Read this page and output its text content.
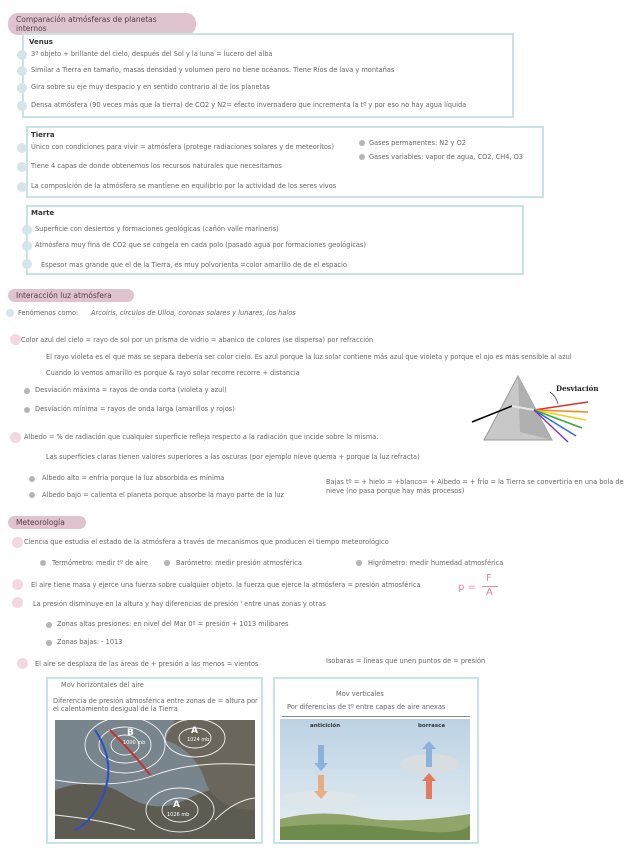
Comparación atmósferas de planetas internos
Venus
3º objeto + brillante del cielo, después del Sol y la luna = lucero del alba
Similar a Tierra en tamaño, masas densidad y volumen pero no tiene océanos. Tiene Ríos de lava y montañas
Gira sobre su eje muy despacio y en sentido contrario al de los planetas
Densa atmósfera (90 veces más que la tierra) de CO2 y N2= efecto invernadero que incrementa la tº y por eso no hay agua líquida
Tierra
Único con condiciones para vivir = atmósfera (protege radiaciones solares y de meteoritos)
Tiene 4 capas de donde obtenemos los recursos naturales que necesitamos
La composición de la atmósfera se mantiene en equilibrio por la actividad de los seres vivos
Gases permanentes: N2 y O2
Gases variables: vapor de agua, CO2, CH4, O3
Marte
Superficie con desiertos y formaciones geológicas (cañón valle marineris)
Atmósfera muy fina de CO2 que se congela en cada polo (pasado agua por formaciones geológicas)
Espesor mas grande que el de la Tierra, es muy polvorienta =color amarillo de de el espacio
Interacción luz atmósfera
Fenómenos como: Arcoíris, círculos de Ulloa, coronas solares y lunares, los halos
Color azul del cielo = rayo de sol por un prisma de vidrio = abanico de colores (se dispersa) por refracción
El rayo violeta es el que más se separa debería ser color cielo. Es azul porque la luz solar contiene más azul que violeta y porque el ojo es más sensible al azul
Cuando lo vemos amarillo es porque & rayo solar recorre recorre + distancia
Desviación máxima = rayos de onda corta (violeta y azul)
Desviación mínima = rayos de onda larga (amarillos y rojos)
Desviación
Albedo = % de radiación que cualquier superficie refleja respecto a la radiación que incide sobre la misma.
Las superficies claras tienen valores superiores a las oscuras (por ejemplo nieve quema + porque la luz refracta)
Albedo alto = enfría porque la luz absorbida es mínima
Albedo bajo = calienta el planeta porque absorbe la mayo parte de la luz
Bajas tº = + hielo = +blanco= + Albedo = + frío = la Tierra se convertiría en una bola de nieve (no pasa porque hay más procesos)
Meteorología
Ciencia que estudia el estado de la atmósfera a través de mecanismos que producen el tiempo meteorológico
Termómetro: medir tº de aire	Barómetro: medir presión atmosférica	Higrómetro: medir humedad atmosférica
El aire tiene masa y ejerce una fuerza sobre cualquier objeto. la fuerza que ejerce la atmósfera = presión atmosférica	p =
F
A
La presión disminuye en la altura y hay diferencias de presión ' entre unas zonas y otras
Zonas altas presiones: en nivel del Mar 0º = presión + 1013 milibares
Zonas bajas: - 1013
El aire se desplaza de las áreas de + presión a las menos = vientos	Isobaras = líneas que unen puntos de = presión
Mov horizontales del aire
Diferencia de presión atmosférica entre zonas de = altura por el calentamiento desigual de la Tierra
B
1000 mb
A
1024 mb
A
1026 mb
Mov verticales
Por diferencias de tº entre capas de aire anexas
anticiclón	borrasca
